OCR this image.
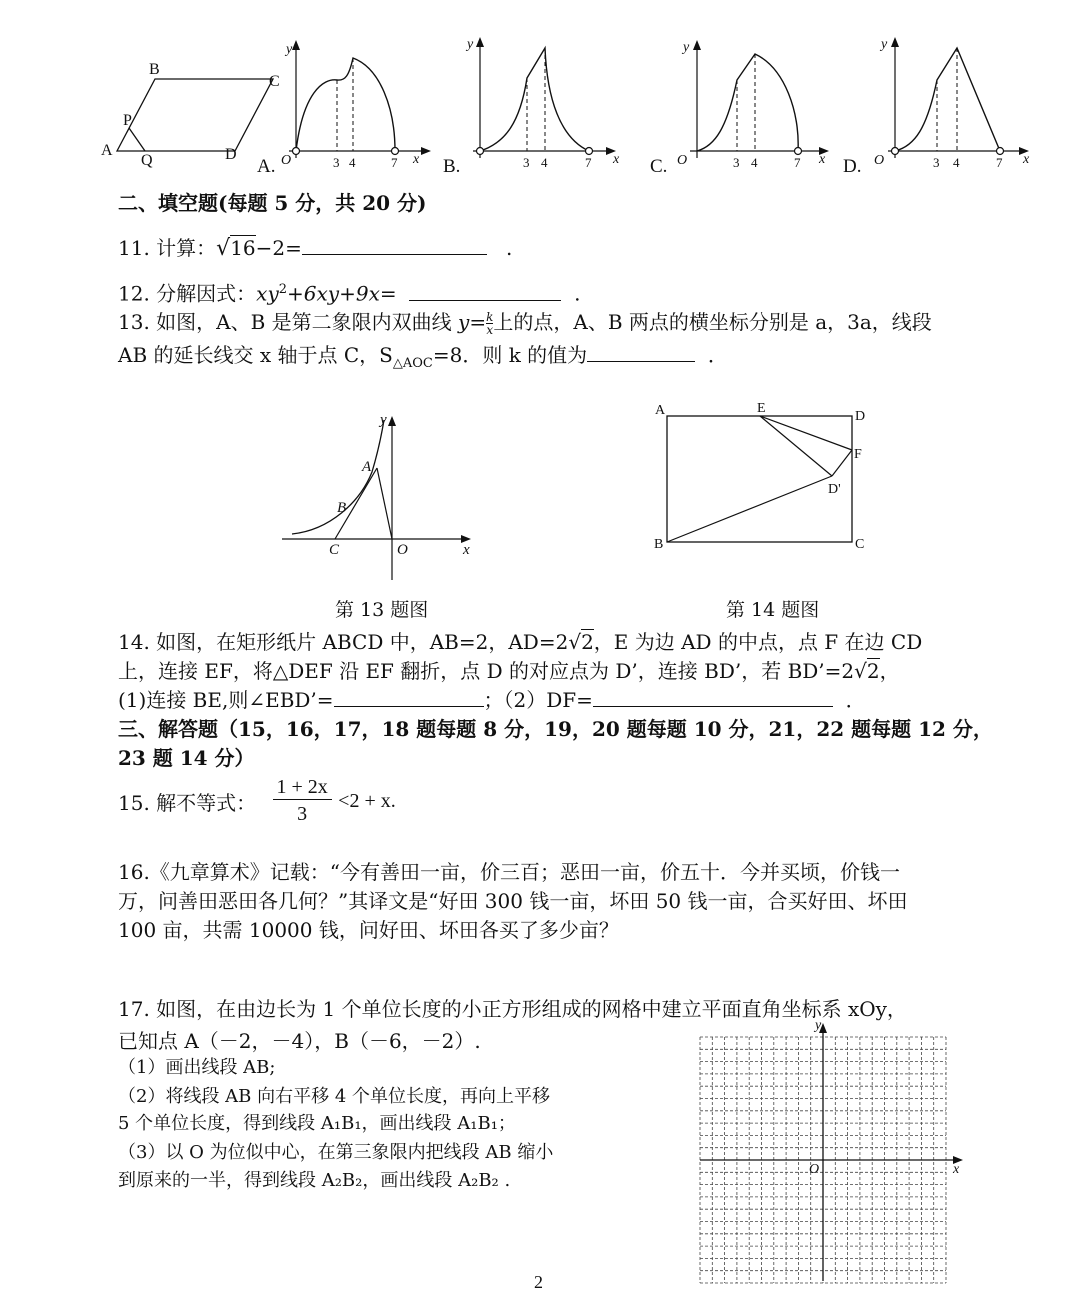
A
B
C
D
P
Q
y
x
O	3 4	7
A.
y
x
3 4	7
B.
y
x
O	3 4	7
C.
y
x
O	3 4	7
D.
二、填空题(每题 5 分，共 20 分)
11. 计算：√16−2=	.
12. 分解因式：$xy^2+6xy+9x=$	.
13. 如图，A、B 是第二象限内双曲线 $y= \frac{k}{x}$ 上的点，A、B 两点的横坐标分别是 a，3a，线段
AB 的延长线交 x 轴于点 C，$S_{\triangle AOC}=8$．则 k 的值为	．
y
A
B
C	O	x
第 13 题图
A	E
D
F
D'
B	C
第 14 题图
14. 如图，在矩形纸片 ABCD 中，AB=2，AD=2√2，E 为边 AD 的中点，点 F 在边 CD
上，连接 EF，将△DEF 沿 EF 翻折，点 D 的对应点为 D’，连接 BD’，若 BD’=2√2，
(1)连接 BE,则∠EBD’=	；（2）DF=	．
三、解答题（15，16，17，18 题每题 8 分，19，20 题每题 10 分，21，22 题每题 12 分，
23 题 14 分）
15. 解不等式： $\frac{1 + 2x}{3} <2 + x$.
16.《九章算术》记载：“今有善田一亩，价三百；恶田一亩，价五十．今并买顷，价钱一
万，问善田恶田各几何？”其译文是“好田 300 钱一亩，坏田 50 钱一亩，合买好田、坏田
100 亩，共需 10000 钱，问好田、坏田各买了多少亩？
17. 如图，在由边长为 1 个单位长度的小正方形组成的网格中建立平面直角坐标系 xOy，
已知点 A（－2，－4），B（－6，－2）.
（1）画出线段 AB;
（2）将线段 AB 向右平移 4 个单位长度，再向上平移
5 个单位长度，得到线段 A₁B₁，画出线段 A₁B₁；
（3）以 O 为位似中心，在第三象限内把线段 AB 缩小
到原来的一半，得到线段 A₂B₂，画出线段 A₂B₂ .
y
O	x
2
